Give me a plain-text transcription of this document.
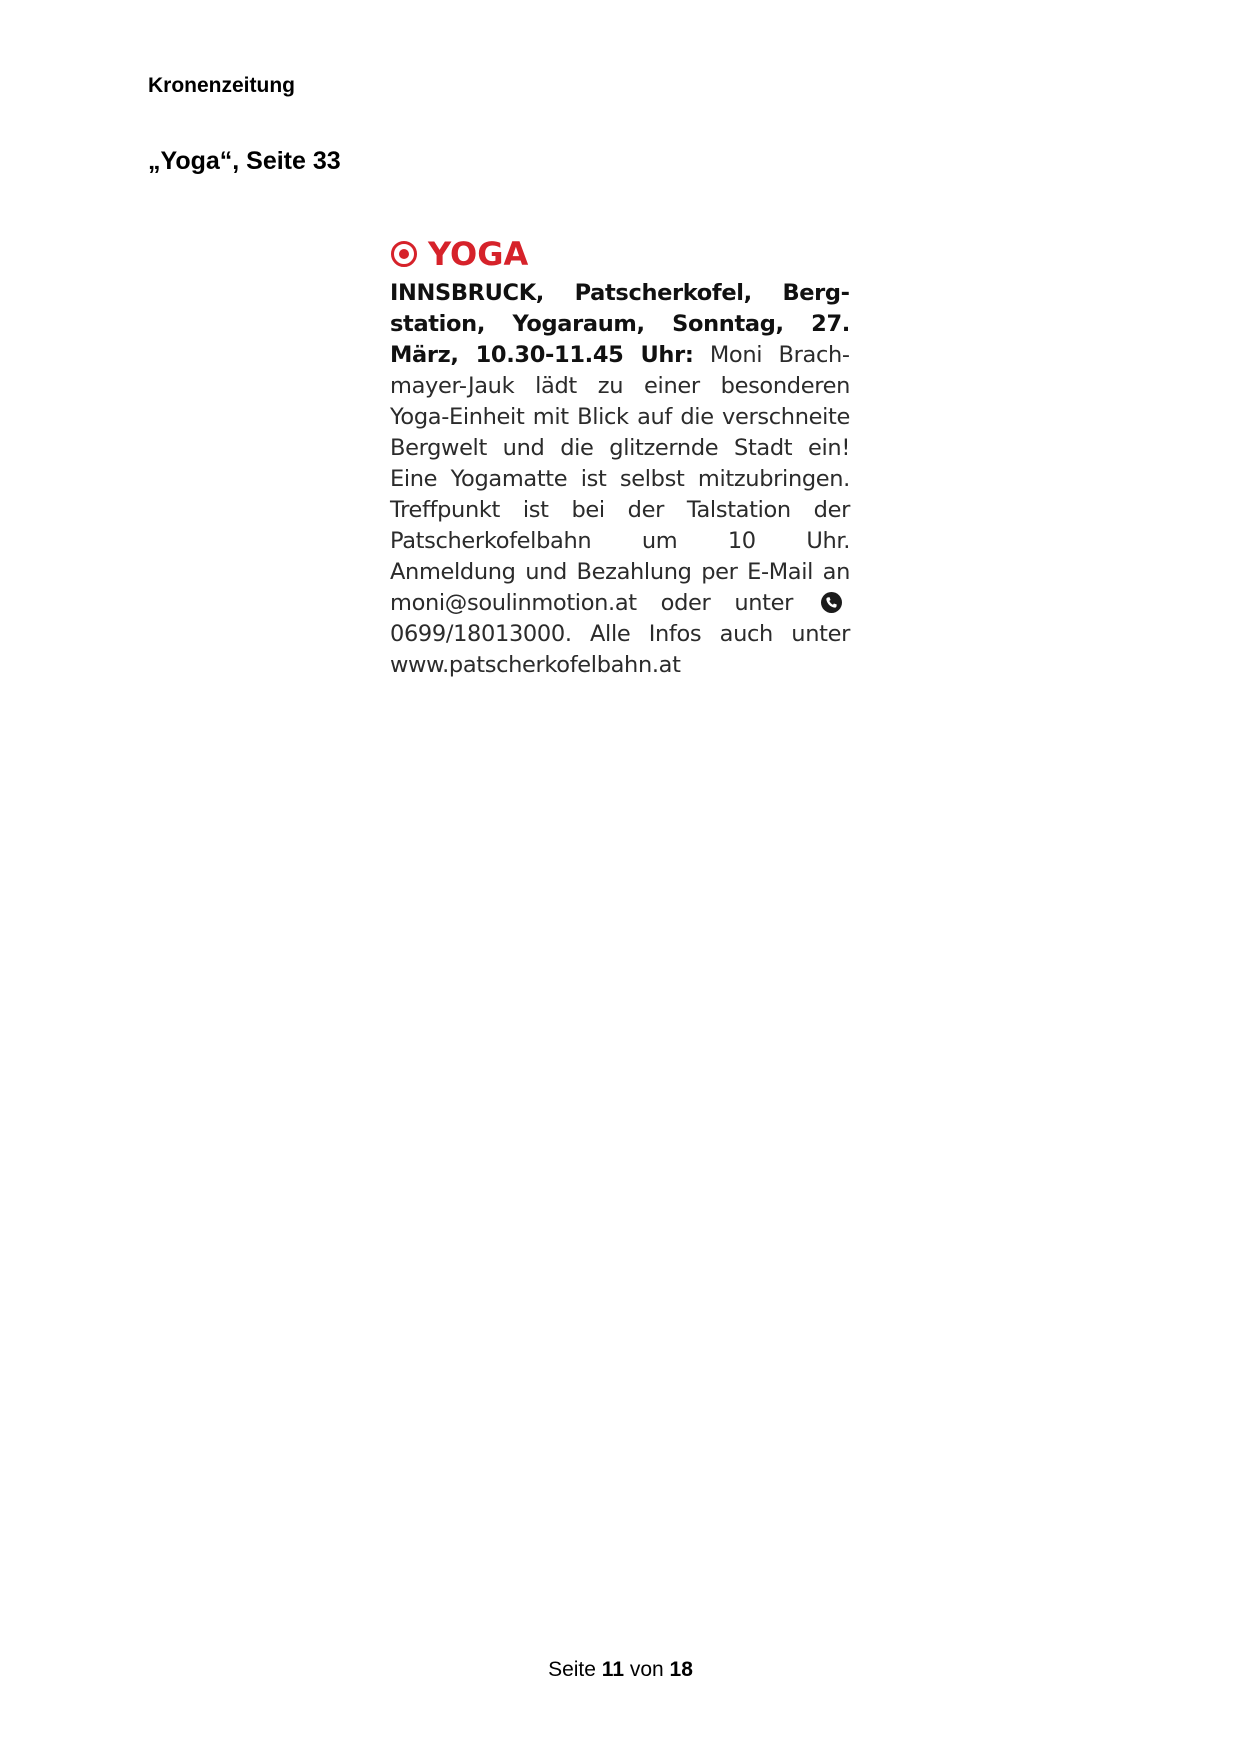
Kronenzeitung
„Yoga“, Seite 33
YOGA
INNSBRUCK, Patscherkofel, Bergstation, Yogaraum, Sonntag, 27. März, 10.30-11.45 Uhr: Moni Brachmayer-Jauk lädt zu einer besonderen Yoga-Einheit mit Blick auf die verschneite Bergwelt und die glitzernde Stadt ein! Eine Yogamatte ist selbst mitzubringen. Treffpunkt ist bei der Talstation der Patscherkofelbahn um 10 Uhr. Anmeldung und Bezahlung per E-Mail an moni@soulinmotion.at oder unter 0699/18013000. Alle Infos auch unter www.patscherkofelbahn.at
Seite 11 von 18
